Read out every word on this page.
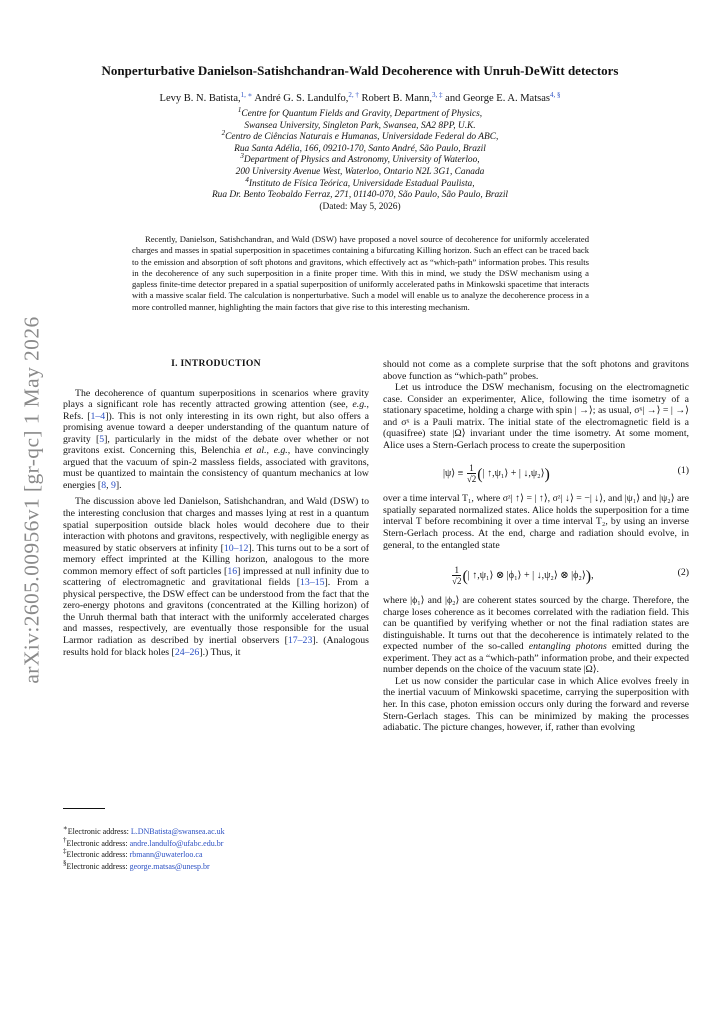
arXiv:2605.00956v1 [gr-qc] 1 May 2026
Nonperturbative Danielson-Satishchandran-Wald Decoherence with Unruh-DeWitt detectors
Levy B. N. Batista,$^{1, ∗}$ André G. S. Landulfo,$^{2, \dagger}$ Robert B. Mann,$^{3, \ddagger}$ and George E. A. Matsas$^{4, \S}$
$^1$Centre for Quantum Fields and Gravity, Department of Physics,
Swansea University, Singleton Park, Swansea, SA2 8PP, U.K.
$^2$Centro de Ciências Naturais e Humanas, Universidade Federal do ABC,
Rua Santa Adélia, 166, 09210-170, Santo André, São Paulo, Brazil
$^3$Department of Physics and Astronomy, University of Waterloo,
200 University Avenue West, Waterloo, Ontario N2L 3G1, Canada
$^4$Instituto de Física Teórica, Universidade Estadual Paulista,
Rua Dr. Bento Teobaldo Ferraz, 271, 01140-070, São Paulo, São Paulo, Brazil
(Dated: May 5, 2026)
Recently, Danielson, Satishchandran, and Wald (DSW) have proposed a novel source of decoherence for uniformly accelerated charges and masses in spatial superposition in spacetimes containing a bifurcating Killing horizon. Such an effect can be traced back to the emission and absorption of soft photons and gravitons, which effectively act as “which-path” information probes. This results in the decoherence of any such superposition in a finite proper time. With this in mind, we study the DSW mechanism using a gapless finite-time detector prepared in a spatial superposition of uniformly accelerated paths in Minkowski spacetime that interacts with a massive scalar field. The calculation is nonperturbative. Such a model will enable us to analyze the decoherence process in a more controlled manner, highlighting the main factors that give rise to this interesting mechanism.
I. INTRODUCTION

The decoherence of quantum superpositions in scenarios where gravity plays a significant role has recently attracted growing attention (see, e.g., Refs. [1–4]). This is not only interesting in its own right, but also offers a promising avenue toward a deeper understanding of the quantum nature of gravity [5], particularly in the midst of the debate over whether or not gravitons exist. Concerning this, Belenchia et al., e.g., have convincingly argued that the vacuum of spin-2 massless fields, associated with gravitons, must be quantized to maintain the consistency of quantum mechanics at low energies [8, 9].

The discussion above led Danielson, Satishchandran, and Wald (DSW) to the interesting conclusion that charges and masses lying at rest in a quantum spatial superposition outside black holes would decohere due to their interaction with photons and gravitons, respectively, with negligible energy as measured by static observers at infinity [10–12]. This turns out to be a sort of memory effect imprinted at the Killing horizon, analogous to the more common memory effect of soft particles [16] impressed at null infinity due to scattering of electromagnetic and gravitational fields [13–15]. From a physical perspective, the DSW effect can be understood from the fact that the zero-energy photons and gravitons (concentrated at the Killing horizon) of the Unruh thermal bath that interact with the uniformly accelerated charges and masses, respectively, are eventually those responsible for the usual Larmor radiation as described by inertial observers [17–23]. (Analogous results hold for black holes [24–26].) Thus, it

should not come as a complete surprise that the soft photons and gravitons above function as “which-path” probes.

Let us introduce the DSW mechanism, focusing on the electromagnetic case. Consider an experimenter, Alice, following the time isometry of a stationary spacetime, holding a charge with spin | →⟩; as usual, σˣ| →⟩ = | →⟩ and σˣ is a Pauli matrix. The initial state of the electromagnetic field is a (quasifree) state |Ω⟩ invariant under the time isometry. At some moment, Alice uses a Stern-Gerlach process to create the superposition

|ψ⟩ ≡ $\frac{1}{√2}$ (| ↑,ψ₁⟩ + | ↓,ψ₂⟩)	(1)

over a time interval T₁, where σᶻ| ↑⟩ = | ↑⟩, σᶻ| ↓⟩ = −| ↓⟩, and |ψ₁⟩ and |ψ₂⟩ are spatially separated normalized states. Alice holds the superposition for a time interval T before recombining it over a time interval T₂, by using an inverse Stern-Gerlach process. At the end, charge and radiation should evolve, in general, to the entangled state

$\frac{1}{√2}$ (| ↑,ψ₁⟩ ⊗ |ϕ₁⟩ + | ↓,ψ₂⟩ ⊗ |ϕ₂⟩),	(2)

where |ϕ₁⟩ and |ϕ₂⟩ are coherent states sourced by the charge. Therefore, the charge loses coherence as it becomes correlated with the radiation field. This can be quantified by verifying whether or not the final radiation states are distinguishable. It turns out that the decoherence is intimately related to the expected number of the so-called entangling photons emitted during the experiment. They act as a “which-path” information probe, and their expected number depends on the choice of the vacuum state |Ω⟩.

Let us now consider the particular case in which Alice evolves freely in the inertial vacuum of Minkowski spacetime, carrying the superposition with her. In this case, photon emission occurs only during the forward and reverse Stern-Gerlach stages. This can be minimized by making the processes adiabatic. The picture changes, however, if, rather than evolving

∗Electronic address: L.DNBatista@swansea.ac.uk
†Electronic address: andre.landulfo@ufabc.edu.br
‡Electronic address: rbmann@uwaterloo.ca
§Electronic address: george.matsas@unesp.br
